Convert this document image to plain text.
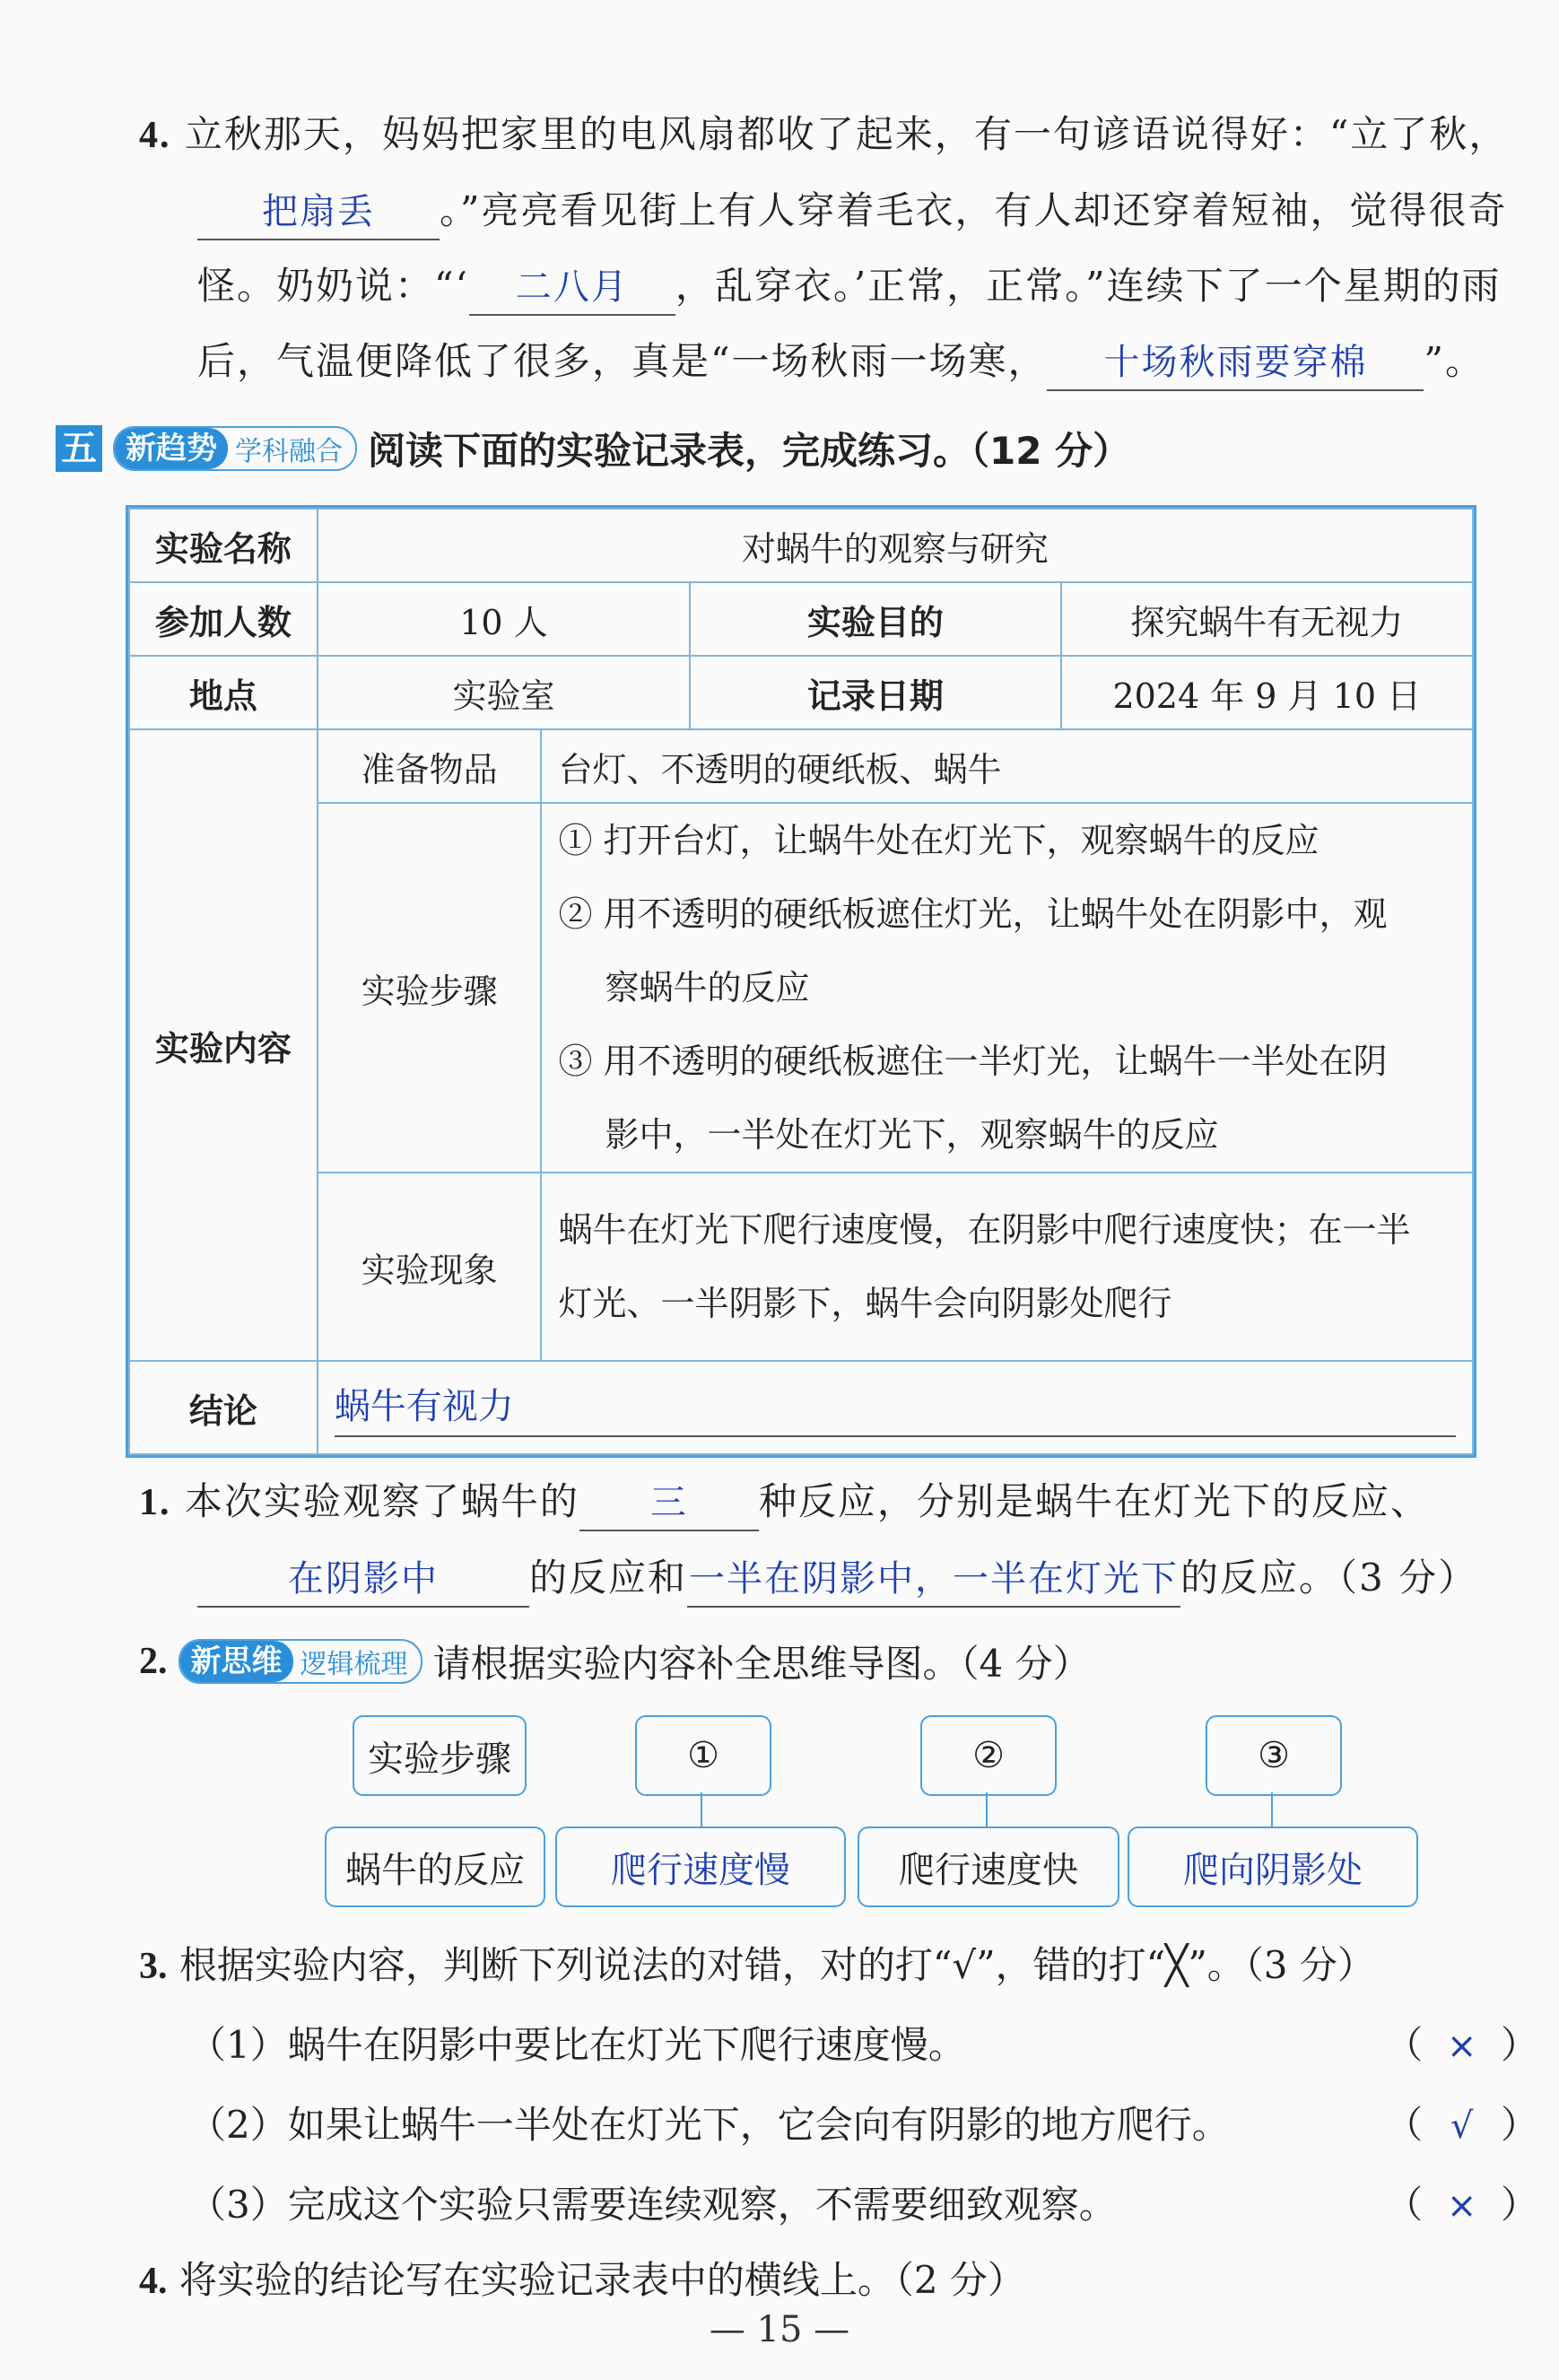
4. 立秋那天，妈妈把家里的电风扇都收了起来，有一句谚语说得好：“立了秋，
把扇丢 。”亮亮看见街上有人穿着毛衣，有人却还穿着短袖，觉得很奇
怪。奶奶说：“‘ 二八月 ，乱穿衣。’正常，正常。”连续下了一个星期的雨
后，气温便降低了很多，真是“一场秋雨一场寒， 十场秋雨要穿棉 ”。
五 新趋势 学科融合 阅读下面的实验记录表，完成练习。（12 分）
实验名称	对蜗牛的观察与研究			
参加人数	10 人		实验目的	探究蜗牛有无视力
地点	实验室		记录日期	2024 年 9 月 10 日
实验内容	准备物品	台灯、不透明的硬纸板、蜗牛		
	实验步骤	① 打开台灯，让蜗牛处在灯光下，观察蜗牛的反应
② 用不透明的硬纸板遮住灯光，让蜗牛处在阴影中，观
察蜗牛的反应
③ 用不透明的硬纸板遮住一半灯光，让蜗牛一半处在阴
影中，一半处在灯光下，观察蜗牛的反应		

	实验现象	蜗牛在灯光下爬行速度慢，在阴影中爬行速度快；在一半
灯光、一半阴影下，蜗牛会向阴影处爬行		

结论	蜗牛有视力			
1. 本次实验观察了蜗牛的 三 种反应，分别是蜗牛在灯光下的反应、
在阴影中 的反应和一半在阴影中，一半在灯光下的反应。（3 分）
2. 新思维 逻辑梳理 请根据实验内容补全思维导图。（4 分）
实验步骤	①	②	③
蜗牛的反应	爬行速度慢	爬行速度快	爬向阴影处
3. 根据实验内容，判断下列说法的对错，对的打“√”，错的打“╳”。（3 分）
（1）蜗牛在阴影中要比在灯光下爬行速度慢。	（ × ）
（2）如果让蜗牛一半处在灯光下，它会向有阴影的地方爬行。	（ √ ）
（3）完成这个实验只需要连续观察，不需要细致观察。	（ × ）
4. 将实验的结论写在实验记录表中的横线上。（2 分）
— 15 —
